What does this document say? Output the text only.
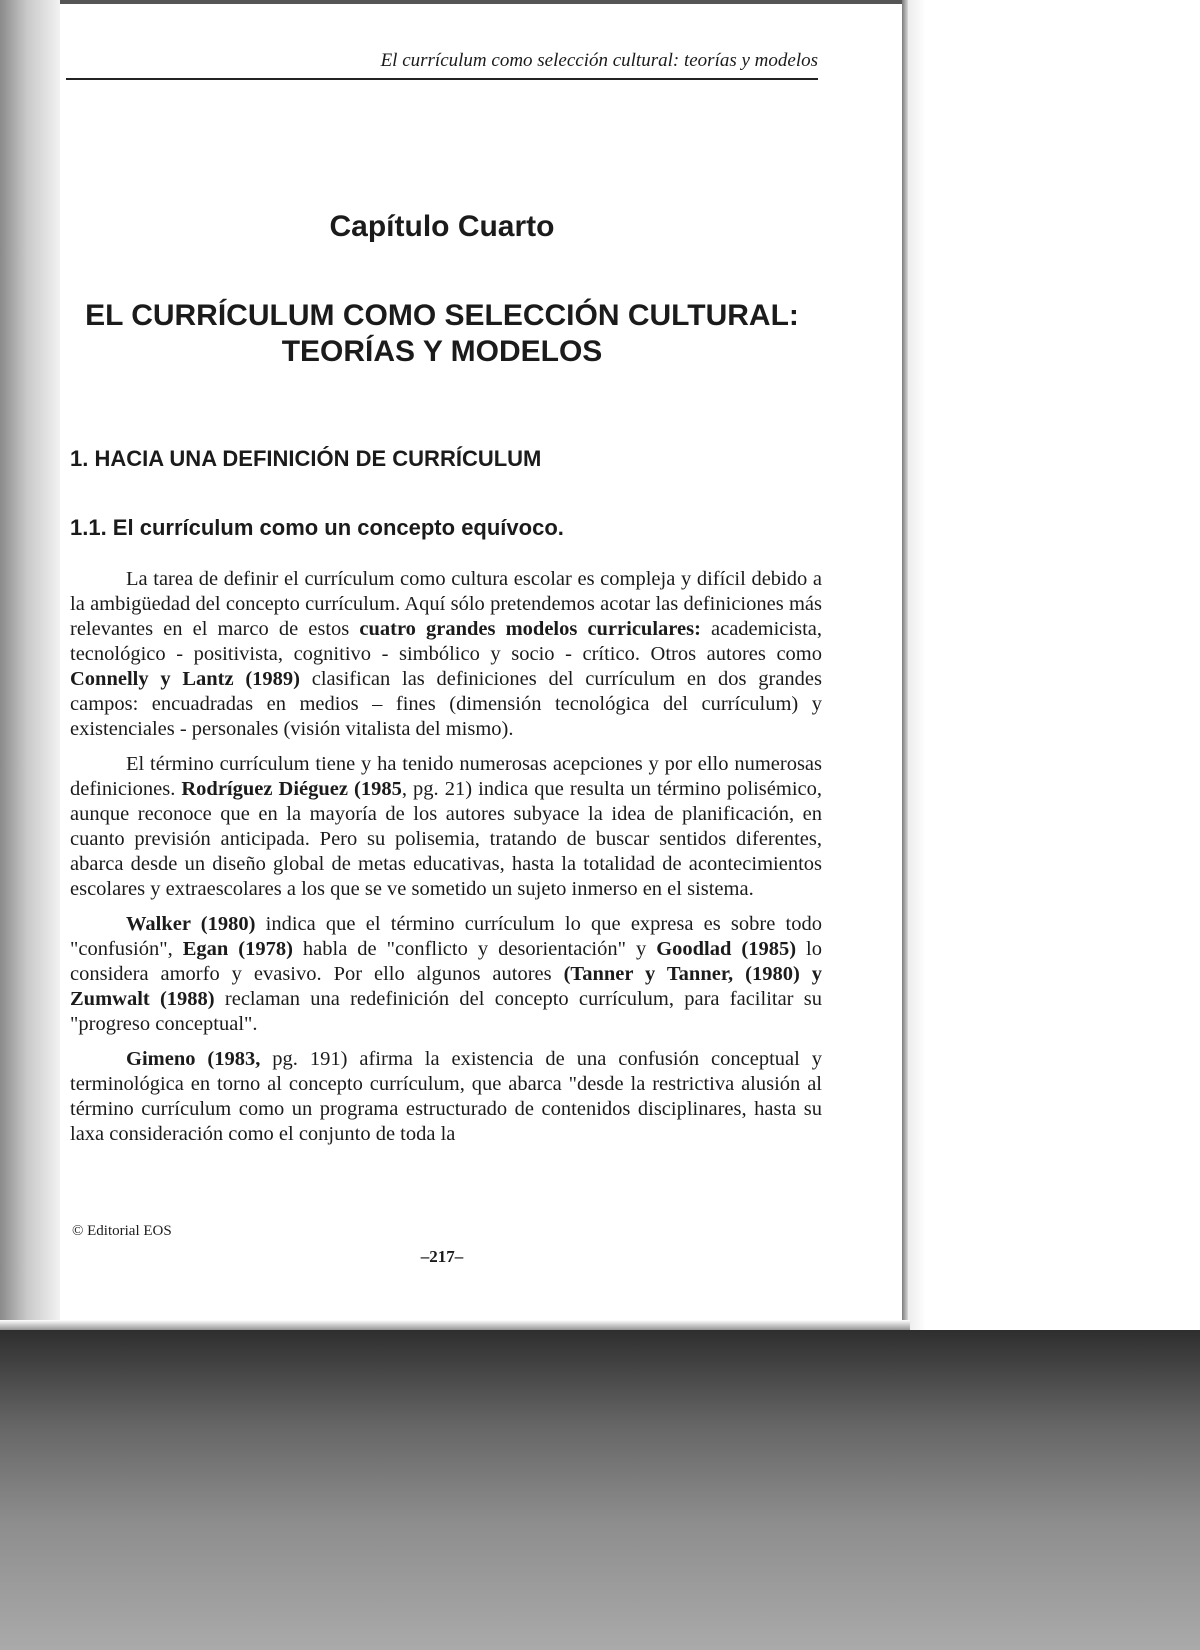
El currículum como selección cultural: teorías y modelos
Capítulo Cuarto
EL CURRÍCULUM COMO SELECCIÓN CULTURAL:
TEORÍAS Y MODELOS
1. HACIA UNA DEFINICIÓN DE CURRÍCULUM
1.1. El currículum como un concepto equívoco.

La tarea de definir el currículum como cultura escolar es compleja y difícil debido a la ambigüedad del concepto currículum. Aquí sólo pretendemos acotar las definiciones más relevantes en el marco de estos cuatro grandes modelos curriculares: academicista, tecnológico - positivista, cognitivo - simbólico y socio - crítico. Otros autores como Connelly y Lantz (1989) clasifican las definiciones del currículum en dos grandes campos: encuadradas en medios – fines (dimensión tecnológica del currículum) y existenciales - personales (visión vitalista del mismo).

El término currículum tiene y ha tenido numerosas acepciones y por ello numerosas definiciones. Rodríguez Diéguez (1985, pg. 21) indica que resulta un término polisémico, aunque reconoce que en la mayoría de los autores subyace la idea de planificación, en cuanto previsión anticipada. Pero su polisemia, tratando de buscar sentidos diferentes, abarca desde un diseño global de metas educativas, hasta la totalidad de acontecimientos escolares y extraescolares a los que se ve sometido un sujeto inmerso en el sistema.

Walker (1980) indica que el término currículum lo que expresa es sobre todo "confusión", Egan (1978) habla de "conflicto y desorientación" y Goodlad (1985) lo considera amorfo y evasivo. Por ello algunos autores (Tanner y Tanner, (1980) y Zumwalt (1988) reclaman una redefinición del concepto currículum, para facilitar su "progreso conceptual".

Gimeno (1983, pg. 191) afirma la existencia de una confusión conceptual y terminológica en torno al concepto currículum, que abarca "desde la restrictiva alusión al término currículum como un programa estructurado de contenidos disciplinares, hasta su laxa consideración como el conjunto de toda la

© Editorial EOS
–217–
